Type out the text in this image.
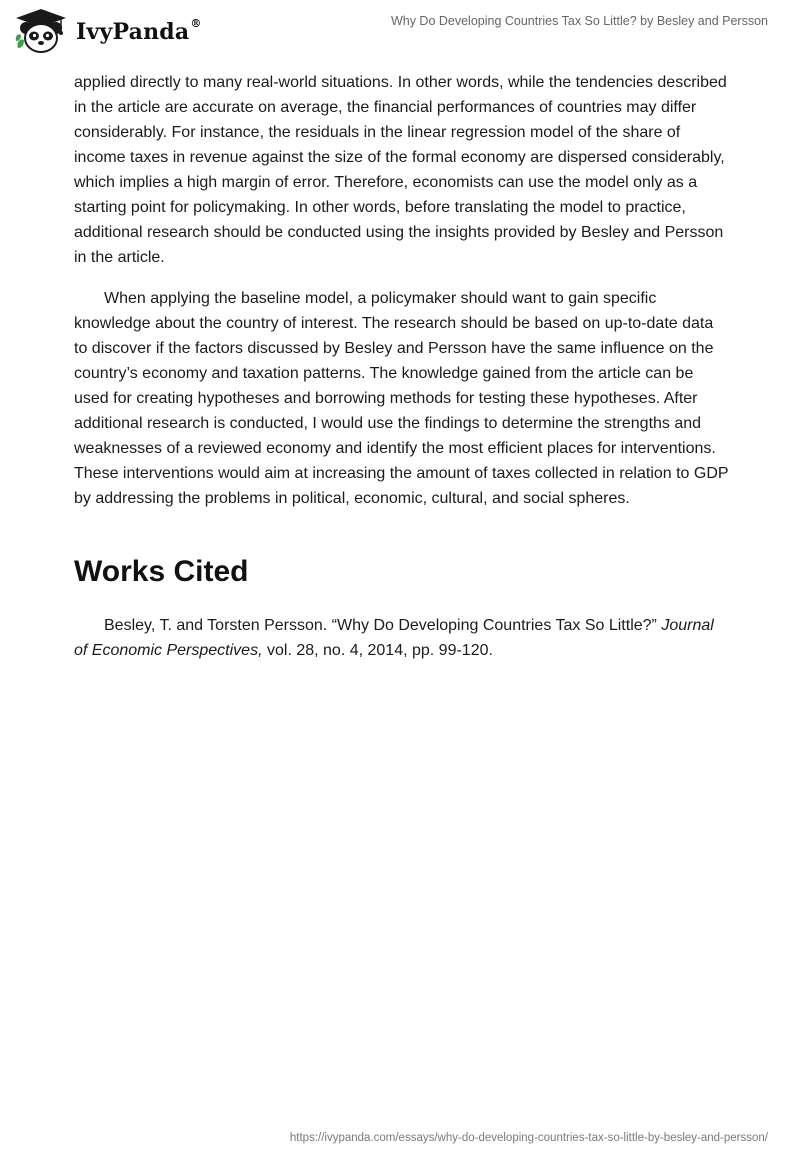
IvyPanda®	Why Do Developing Countries Tax So Little? by Besley and Persson

applied directly to many real-world situations. In other words, while the tendencies described in the article are accurate on average, the financial performances of countries may differ considerably. For instance, the residuals in the linear regression model of the share of income taxes in revenue against the size of the formal economy are dispersed considerably, which implies a high margin of error. Therefore, economists can use the model only as a starting point for policymaking. In other words, before translating the model to practice, additional research should be conducted using the insights provided by Besley and Persson in the article.

When applying the baseline model, a policymaker should want to gain specific knowledge about the country of interest. The research should be based on up-to-date data to discover if the factors discussed by Besley and Persson have the same influence on the country’s economy and taxation patterns. The knowledge gained from the article can be used for creating hypotheses and borrowing methods for testing these hypotheses. After additional research is conducted, I would use the findings to determine the strengths and weaknesses of a reviewed economy and identify the most efficient places for interventions. These interventions would aim at increasing the amount of taxes collected in relation to GDP by addressing the problems in political, economic, cultural, and social spheres.

Works Cited

Besley, T. and Torsten Persson. “Why Do Developing Countries Tax So Little?” Journal of Economic Perspectives, vol. 28, no. 4, 2014, pp. 99-120.

https://ivypanda.com/essays/why-do-developing-countries-tax-so-little-by-besley-and-persson/
